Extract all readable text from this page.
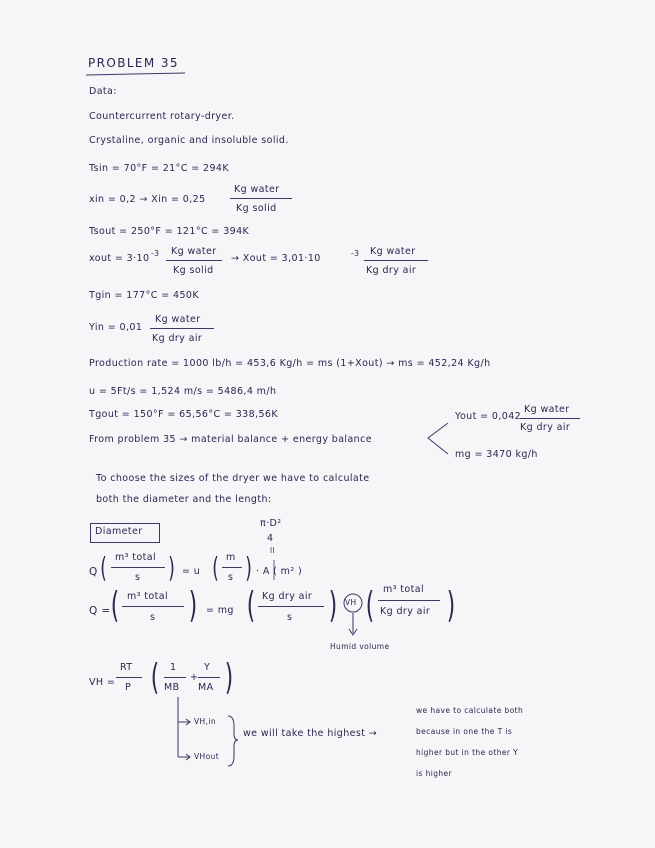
PROBLEM 35
Data:
Countercurrent rotary-dryer.
Crystaline, organic and insoluble solid.
Tsin = 70°F = 21°C = 294K
xin = 0,2 → Xin = 0,25
Kg water
Kg solid
Tsout = 250°F = 121°C = 394K
xout = 3·10 -3 Kg water
Kg solid
→ Xout = 3,01·10	-3 Kg water
Kg dry air
Tgin = 177°C = 450K
Yin = 0,01
Kg water
Kg dry air
Production rate = 1000 lb/h = 453,6 Kg/h = ms (1+Xout) → ms = 452,24 Kg/h
u = 5Ft/s = 1,524 m/s = 5486,4 m/h
Tgout = 150°F = 65,56°C = 338,56K
From problem 35 → material balance + energy balance
Yout = 0,042
Kg water
Kg dry air
mg = 3470 kg/h
To choose the sizes of the dryer we have to calculate
both the diameter and the length:
Diameter
π·D²
4
ll
Q ( m³ total
s ) = u ( m
s ) · A ( m² )
Q = ( m³ total
s ) = mg ( Kg dry air
s ) VH ( m³ total
Kg dry air )
Humid volume
VH =
RT
P ( 1
MB
+
Y
MA )
VH,in
VHout
we will take the highest →
we have to calculate both
because in one the T is
higher but in the other Y
is higher
